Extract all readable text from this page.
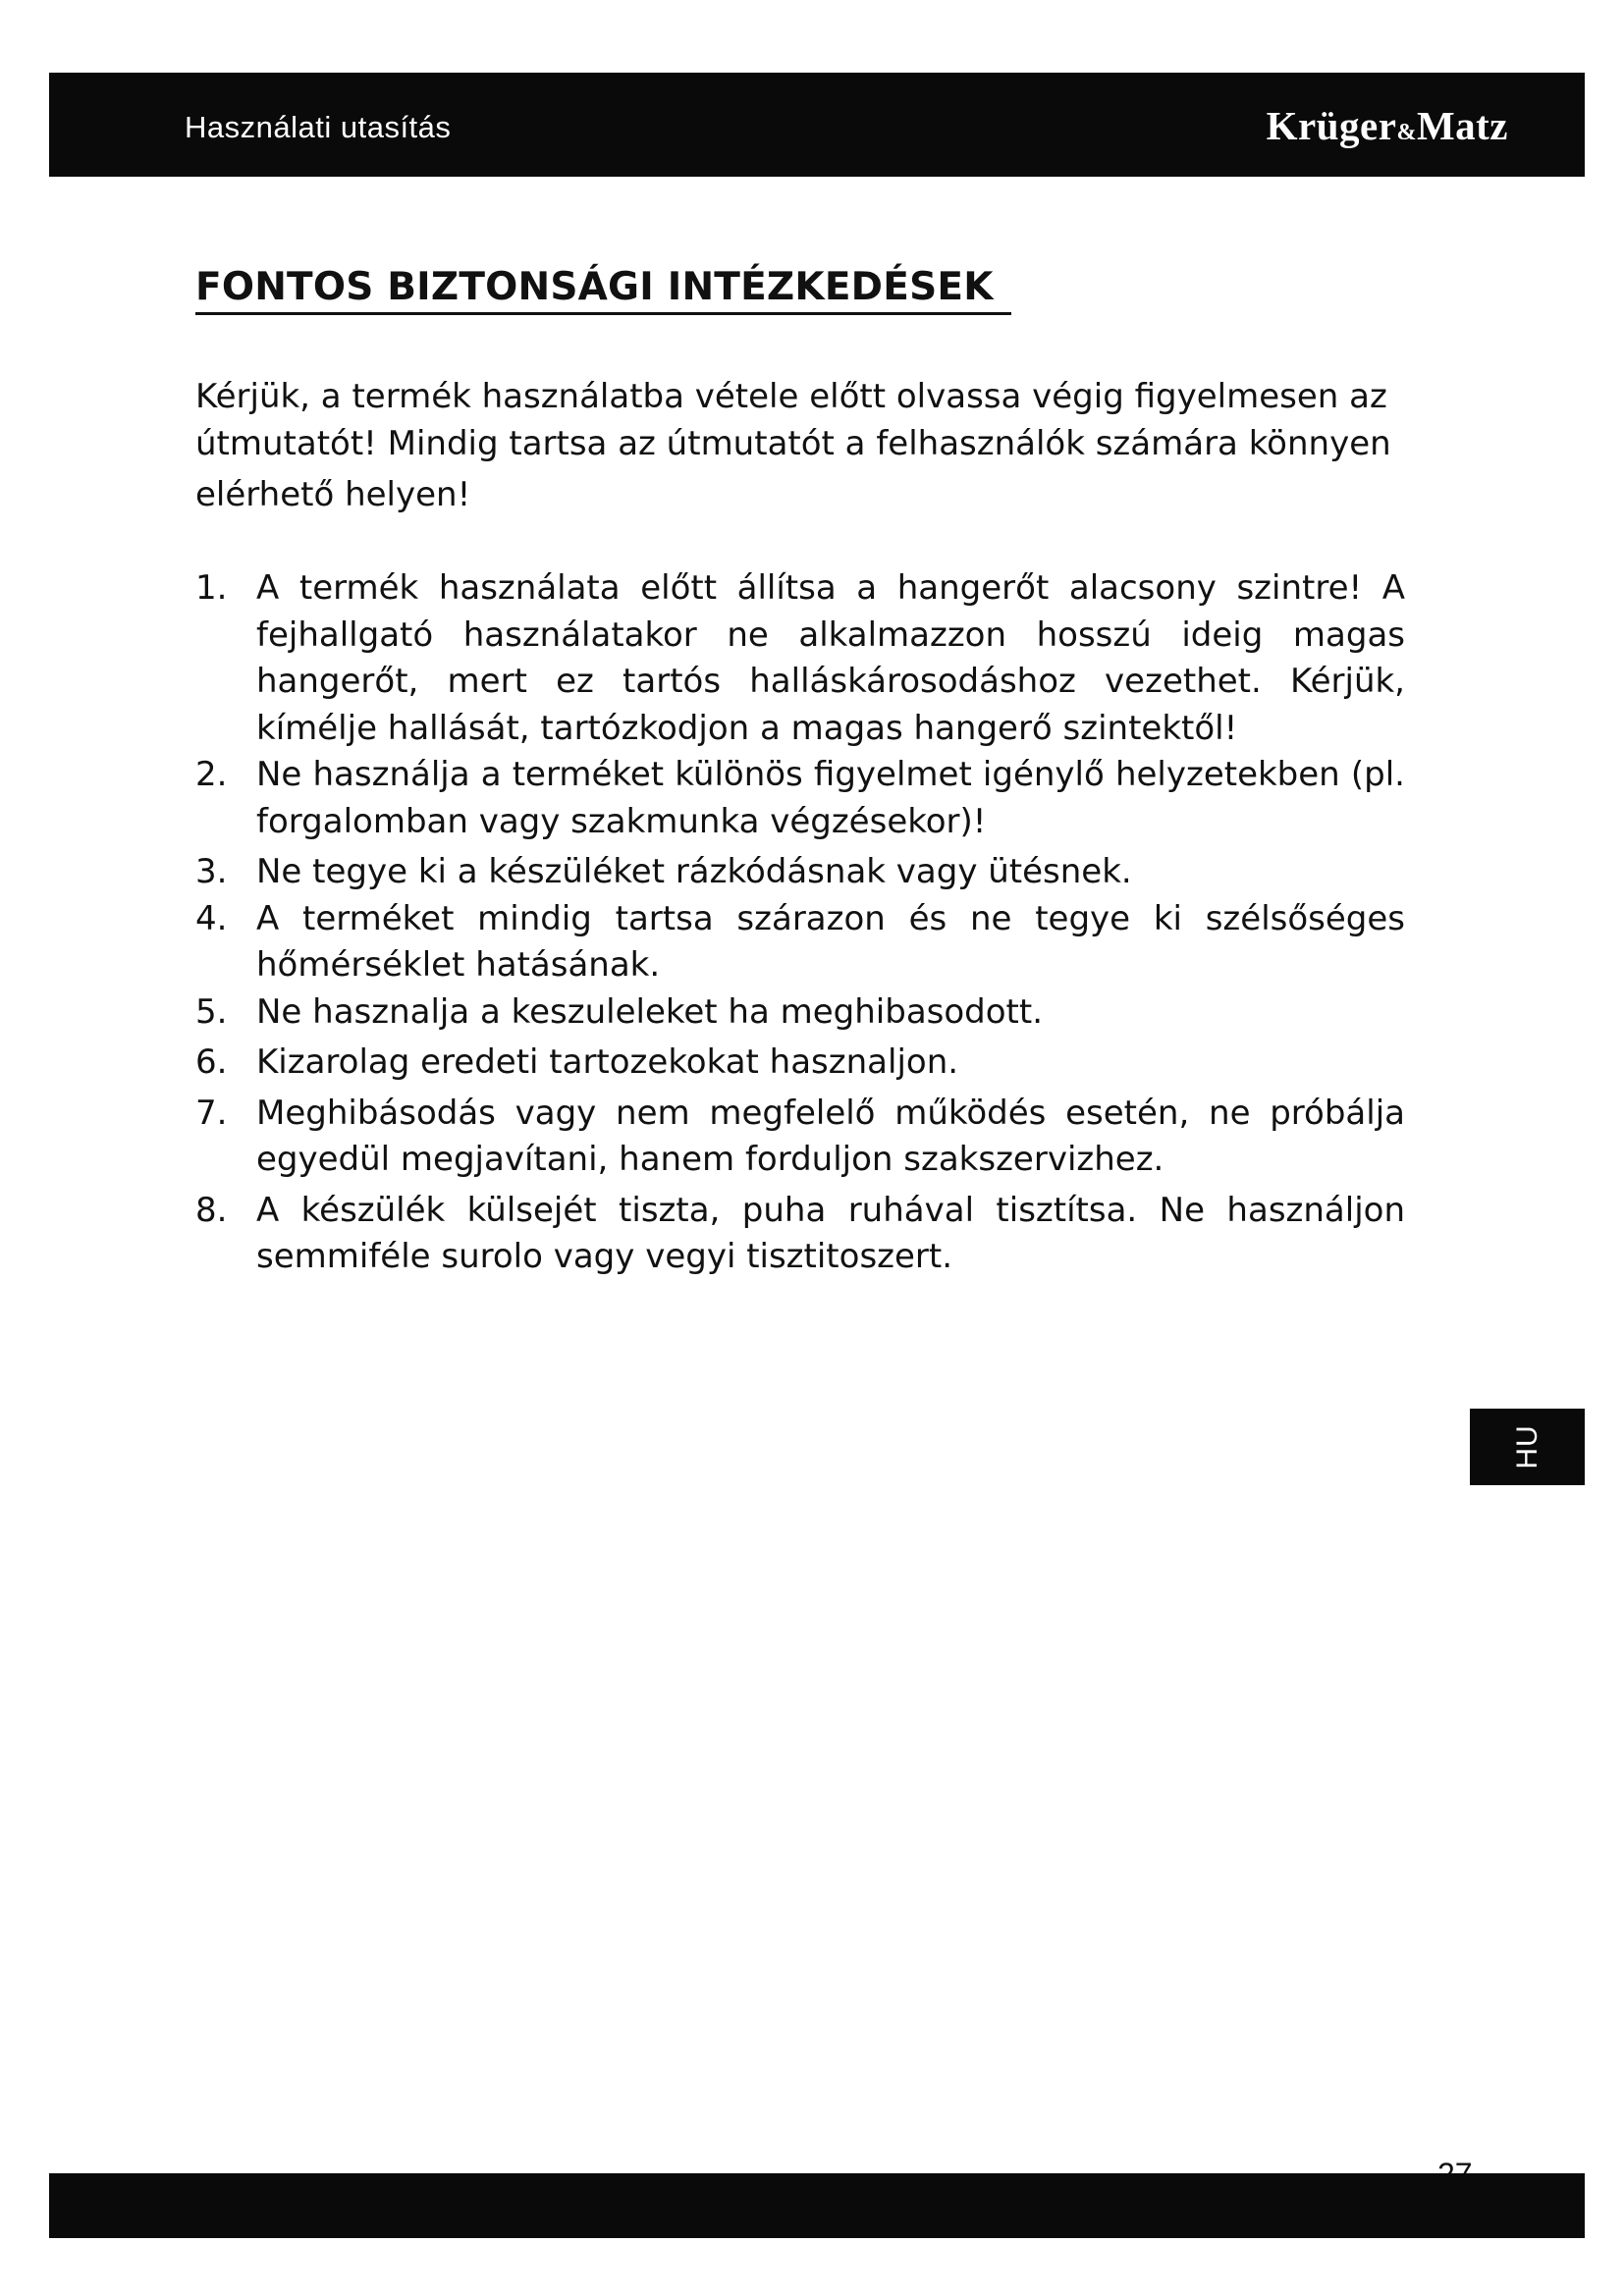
Használati utasítás	Krüger&Matz
FONTOS BIZTONSÁGI INTÉZKEDÉSEK
Kérjük, a termék használatba vétele előtt olvassa végig figyelmesen az
útmutatót! Mindig tartsa az útmutatót a felhasználók számára könnyen
elérhető helyen!
1. A termék használata előtt állítsa a hangerőt alacsony szintre! A fejhallgató használatakor ne alkalmazzon hosszú ideig magas hangerőt, mert ez tartós halláskárosodáshoz vezethet. Kérjük, kímélje hallását, tartózkodjon a magas hangerő szintektől!
2. Ne használja a terméket különös figyelmet igénylő helyzetekben (pl. forgalomban vagy szakmunka végzésekor)!
3. Ne tegye ki a készüléket rázkódásnak vagy ütésnek.
4. A terméket mindig tartsa szárazon és ne tegye ki szélsőséges hőmérséklet hatásának.
5. Ne hasznalja a keszuleleket ha meghibasodott.
6. Kizarolag eredeti tartozekokat hasznaljon.
7. Meghibásodás vagy nem megfelelő működés esetén, ne próbálja egyedül megjavítani, hanem forduljon szakszervizhez.
8. A készülék külsejét tiszta, puha ruhával tisztítsa. Ne használjon semmiféle surolo vagy vegyi tisztitoszert.
HU
